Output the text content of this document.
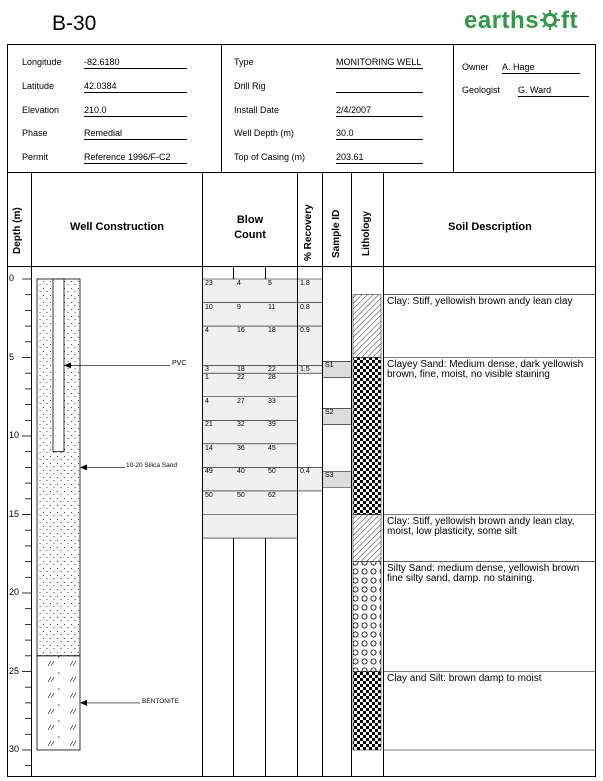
B-30	earths ft
Depth (m)	Well Construction
Blow
Count	% Recovery Sample ID Lithology	Soil Description
Longitude -82.6180
Latitude	42.0384
Elevation	210.0
Phase	Remedial
Permit	Reference 1996/F-C2
Type	MONITORING WELL
Drill Rig
Install Date	2/4/2007
Well Depth (m)	30.0
Top of Casing (m)	203.61
Owner A. Hage
Geologist G. Ward
0
5
10
15
20
25
30
PVC
10-20 Silica Sand
BENTONITE
23	4	5	1.8
10	9	11	0.8
4	16	18	0.9
3	18	22	1.5
1	22	28
4	27	33
21	32	39
14	36	45
49	40	50	0.4
50	50	62
S1
S2
S3
Clay: Stiff, yellowish brown andy lean clay
Clayey Sand: Medium dense, dark yellowish brown, fine, moist, no visible staining
Clay: Stiff, yellowish brown andy lean clay, moist, low plasticity, some silt
Silty Sand: medium dense, yellowish brown fine silty sand, damp. no staining.
Clay and Silt: brown damp to moist
